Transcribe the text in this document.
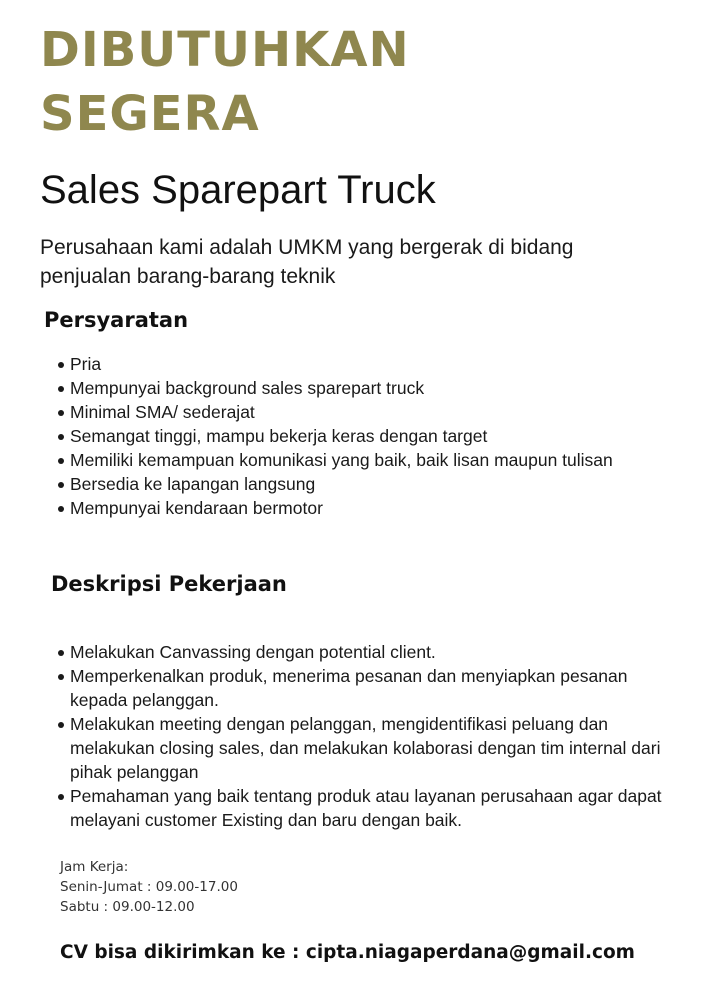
DIBUTUHKAN
SEGERA
Sales Sparepart Truck

Perusahaan kami adalah UMKM yang bergerak di bidang penjualan barang-barang teknik

Persyaratan
Pria
Mempunyai background sales sparepart truck
Minimal SMA/ sederajat
Semangat tinggi, mampu bekerja keras dengan target
Memiliki kemampuan komunikasi yang baik, baik lisan maupun tulisan
Bersedia ke lapangan langsung
Mempunyai kendaraan bermotor
Deskripsi Pekerjaan
Melakukan Canvassing dengan potential client.
Memperkenalkan produk, menerima pesanan dan menyiapkan pesanan kepada pelanggan.
Melakukan meeting dengan pelanggan, mengidentifikasi peluang dan melakukan closing sales, dan melakukan kolaborasi dengan tim internal dari pihak pelanggan
Pemahaman yang baik tentang produk atau layanan perusahaan agar dapat melayani customer Existing dan baru dengan baik.
Jam Kerja:
Senin-Jumat : 09.00-17.00
Sabtu : 09.00-12.00

CV bisa dikirimkan ke : cipta.niagaperdana@gmail.com
